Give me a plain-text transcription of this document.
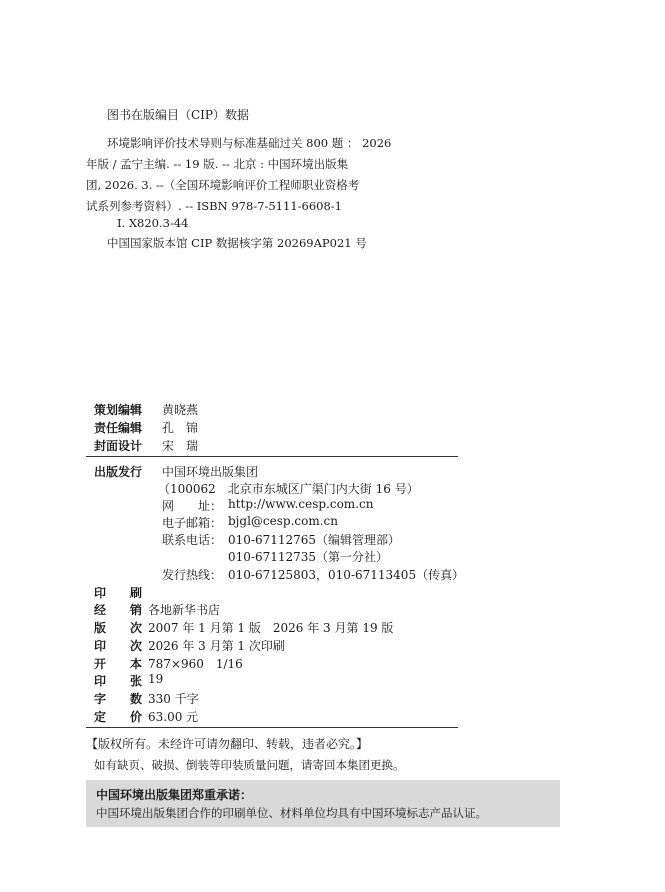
图书在版编目（CIP）数据
环境影响评价技术导则与标准基础过关 800 题 ： 2026
年版 / 孟宁主编. -- 19 版. -- 北京 : 中国环境出版集
团, 2026. 3. --（全国环境影响评价工程师职业资格考
试系列参考资料）. -- ISBN 978-7-5111-6608-1
Ⅰ. X820.3-44
中国国家版本馆 CIP 数据核字第 20269AP021 号
策划编辑 黄晓燕
责任编辑 孔　锦
封面设计 宋　瑞
出版发行 中国环境出版集团
（100062　北京市东城区广渠门内大街 16 号）
网　　址： http://www.cesp.com.cn
电子邮箱： bjgl@cesp.com.cn
联系电话： 010-67112765（编辑管理部）
010-67112735（第一分社）
发行热线： 010-67125803，010-67113405（传真）
印　　刷
经　　销 各地新华书店
版　　次 2007 年 1 月第 1 版　2026 年 3 月第 19 版
印　　次 2026 年 3 月第 1 次印刷
开　　本 787×960　1/16
印　　张 19
字　　数 330 千字
定　　价 63.00 元
【版权所有。未经许可请勿翻印、转载，违者必究。】
如有缺页、破损、倒装等印装质量问题，请寄回本集团更换。
中国环境出版集团郑重承诺：
中国环境出版集团合作的印刷单位、材料单位均具有中国环境标志产品认证。
